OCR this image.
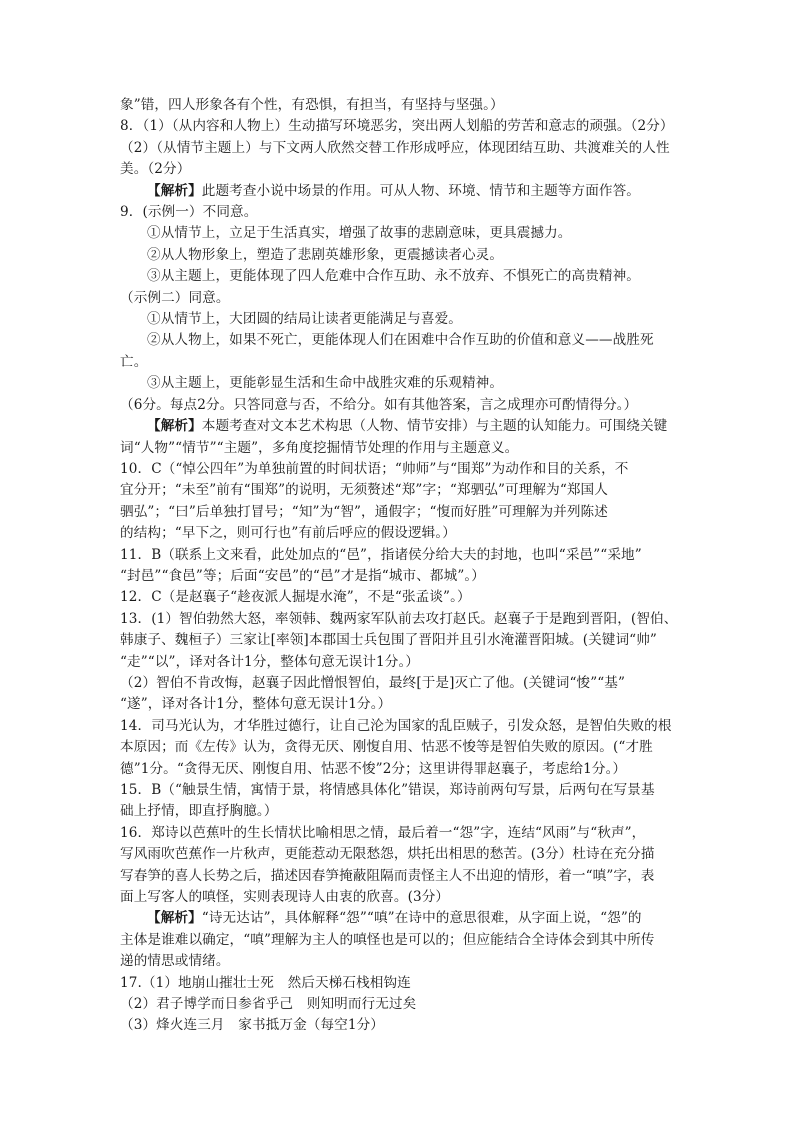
象”错，四人形象各有个性，有恐惧，有担当，有坚持与坚强。）
8．（1）（从内容和人物上）生动描写环境恶劣，突出两人划船的劳苦和意志的顽强。（2分）
（2）（从情节主题上）与下文两人欣然交替工作形成呼应，体现团结互助、共渡难关的人性
美。（2分）
【解析】此题考查小说中场景的作用。可从人物、环境、情节和主题等方面作答。
9．(示例一）不同意。
①从情节上，立足于生活真实，增强了故事的悲剧意味，更具震撼力。
②从人物形象上，塑造了悲剧英雄形象，更震撼读者心灵。
③从主题上，更能体现了四人危难中合作互助、永不放弃、不惧死亡的高贵精神。
（示例二）同意。
①从情节上，大团圆的结局让读者更能满足与喜爱。
②从人物上，如果不死亡，更能体现人们在困难中合作互助的价值和意义——战胜死
亡。
③从主题上，更能彰显生活和生命中战胜灾难的乐观精神。
（6分。每点2分。只答同意与否，不给分。如有其他答案，言之成理亦可酌情得分。）
【解析】本题考查对文本艺术构思（人物、情节安排）与主题的认知能力。可围绕关键
词“人物”“情节”“主题”，多角度挖掘情节处理的作用与主题意义。
10．C（“悼公四年”为单独前置的时间状语；“帅师”与“围郑”为动作和目的关系，不
宜分开；“未至”前有“围郑”的说明，无须赘述“郑”字；“郑驷弘”可理解为“郑国人
驷弘”；“曰”后单独打冒号；“知”为“智”，通假字；“愎而好胜”可理解为并列陈述
的结构；“早下之，则可行也”有前后呼应的假设逻辑。）
11．B（联系上文来看，此处加点的“邑”，指诸侯分给大夫的封地，也叫“采邑”“采地”
“封邑”“食邑”等；后面“安邑”的“邑”才是指“城市、都城”。）
12．C（是赵襄子“趁夜派人掘堤水淹”，不是“张孟谈”。）
13．(1）智伯勃然大怒，率领韩、魏两家军队前去攻打赵氏。赵襄子于是跑到晋阳，(智伯、
韩康子、魏桓子）三家让[率领]本郡国士兵包围了晋阳并且引水淹灌晋阳城。(关键词“帅”
“走”“以”，译对各计1分，整体句意无误计1分。）
（2）智伯不肯改悔，赵襄子因此憎恨智伯，最终[于是]灭亡了他。(关键词“悛”“基”
“遂”，译对各计1分，整体句意无误计1分。）
14．司马光认为，才华胜过德行，让自己沦为国家的乱臣贼子，引发众怒，是智伯失败的根
本原因；而《左传》认为，贪得无厌、刚愎自用、怙恶不悛等是智伯失败的原因。(“才胜
德”1分。“贪得无厌、刚愎自用、怙恶不悛”2分；这里讲得罪赵襄子，考虑给1分。）
15．B（“触景生情，寓情于景，将情感具体化”错误，郑诗前两句写景，后两句在写景基
础上抒情，即直抒胸臆。）
16．郑诗以芭蕉叶的生长情状比喻相思之情，最后着一“怨”字，连结“风雨”与“秋声”，
写风雨吹芭蕉作一片秋声，更能惹动无限愁怨，烘托出相思的愁苦。(3分）杜诗在充分描
写春笋的喜人长势之后，描述因春笋掩蔽阻隔而责怪主人不出迎的情形，着一“嗔”字，表
面上写客人的嗔怪，实则表现诗人由衷的欣喜。(3分）
【解析】“诗无达诂”，具体解释“怨”“嗔”在诗中的意思很难，从字面上说，“怨”的
主体是谁难以确定，“嗔”理解为主人的嗔怪也是可以的；但应能结合全诗体会到其中所传
递的情思或情绪。
17.（1）地崩山摧壮士死　然后天梯石栈相钩连
（2）君子博学而日参省乎己　则知明而行无过矣
（3）烽火连三月　家书抵万金（每空1分）
